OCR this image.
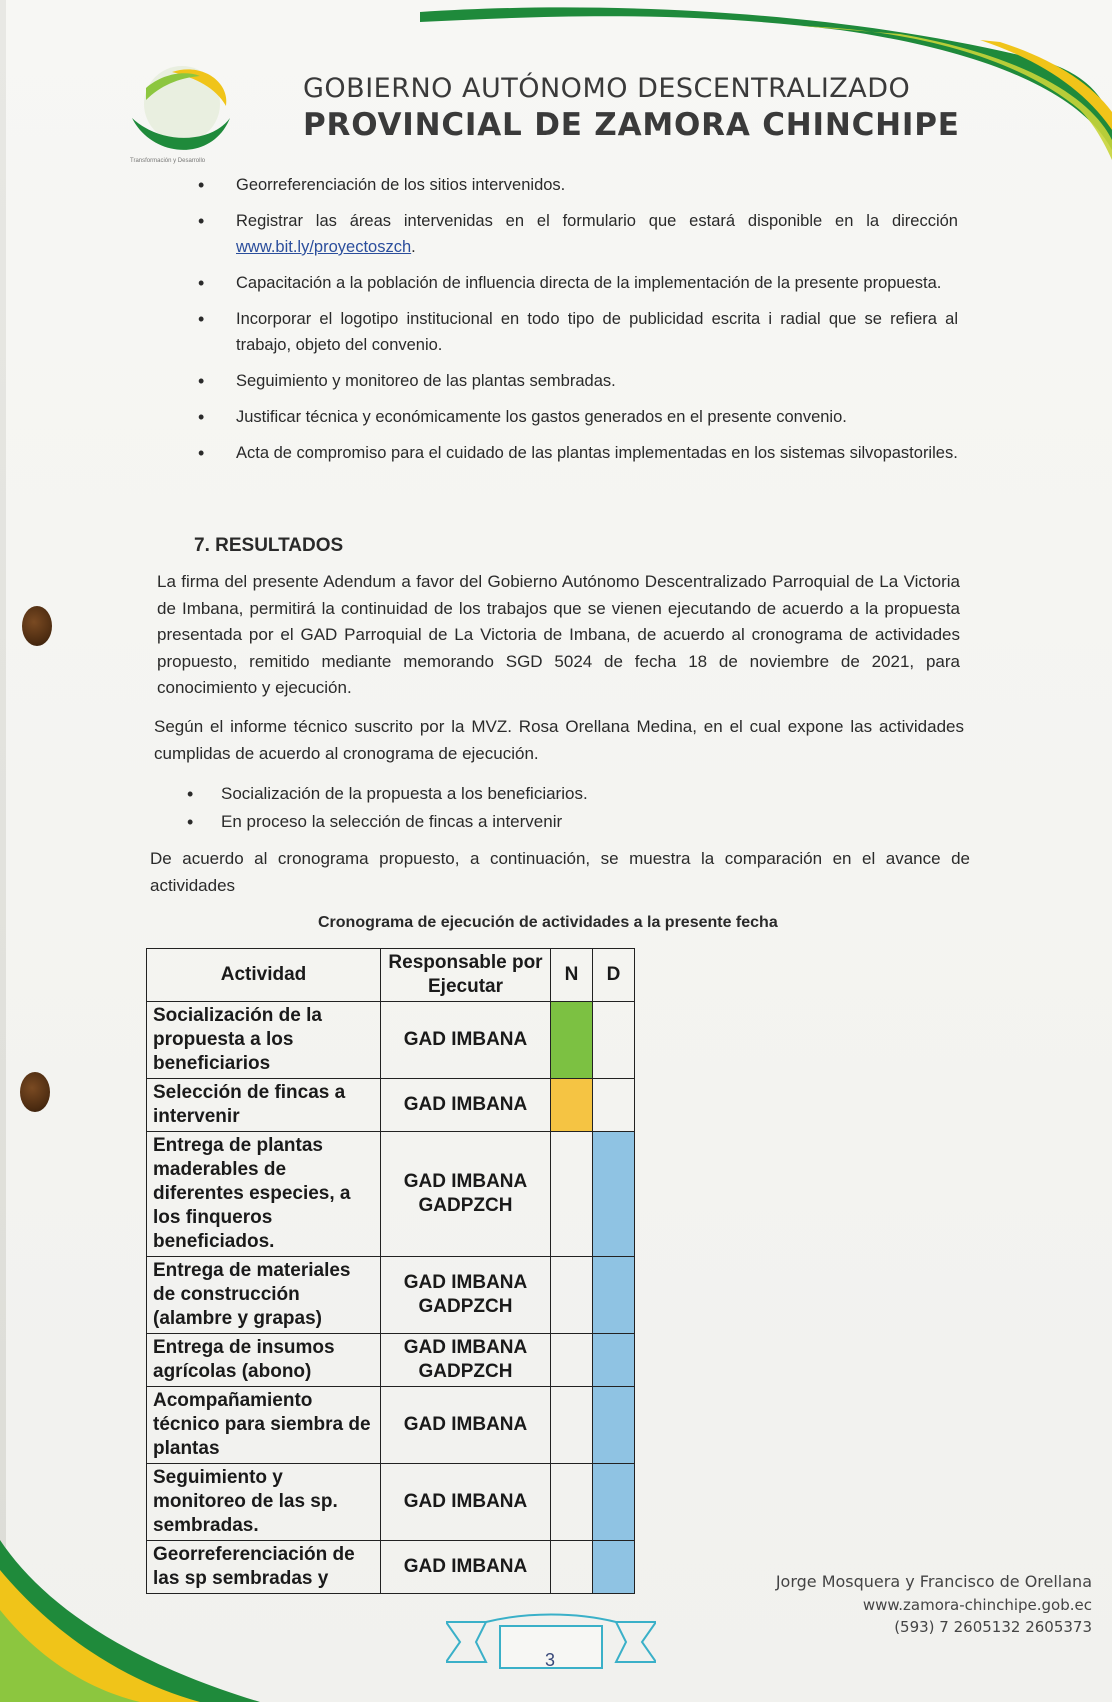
Transformación y Desarrollo
GOBIERNO AUTÓNOMO DESCENTRALIZADO
PROVINCIAL DE ZAMORA CHINCHIPE
• Georreferenciación de los sitios intervenidos.
• Registrar las áreas intervenidas en el formulario que estará disponible en la dirección www.bit.ly/proyectoszch.
• Capacitación a la población de influencia directa de la implementación de la presente propuesta.
• Incorporar el logotipo institucional en todo tipo de publicidad escrita i radial que se refiera al trabajo, objeto del convenio.
• Seguimiento y monitoreo de las plantas sembradas.
• Justificar técnica y económicamente los gastos generados en el presente convenio.
• Acta de compromiso para el cuidado de las plantas implementadas en los sistemas silvopastoriles.
7. RESULTADOS
La firma del presente Adendum a favor del Gobierno Autónomo Descentralizado Parroquial de La Victoria de Imbana, permitirá la continuidad de los trabajos que se vienen ejecutando de acuerdo a la propuesta presentada por el GAD Parroquial de La Victoria de Imbana, de acuerdo al cronograma de actividades propuesto, remitido mediante memorando SGD 5024 de fecha 18 de noviembre de 2021, para conocimiento y ejecución.
Según el informe técnico suscrito por la MVZ. Rosa Orellana Medina, en el cual expone las actividades cumplidas de acuerdo al cronograma de ejecución.
• Socialización de la propuesta a los beneficiarios.
• En proceso la selección de fincas a intervenir
De acuerdo al cronograma propuesto, a continuación, se muestra la comparación en el avance de actividades
Cronograma de ejecución de actividades a la presente fecha
Actividad	Responsable por Ejecutar	N	D
Socialización de la propuesta a los beneficiarios	GAD IMBANA		
Selección de fincas a intervenir	GAD IMBANA		
Entrega de plantas maderables de diferentes especies, a los finqueros beneficiados.	GAD IMBANA GADPZCH		
Entrega de materiales de construcción (alambre y grapas)	GAD IMBANA GADPZCH		
Entrega de insumos agrícolas (abono)	GAD IMBANA GADPZCH		
Acompañamiento técnico para siembra de plantas	GAD IMBANA		
Seguimiento y monitoreo de las sp. sembradas.	GAD IMBANA		
Georreferenciación de las sp sembradas y	GAD IMBANA		
Jorge Mosquera y Francisco de Orellana
www.zamora-chinchipe.gob.ec
(593) 7 2605132 2605373
3
